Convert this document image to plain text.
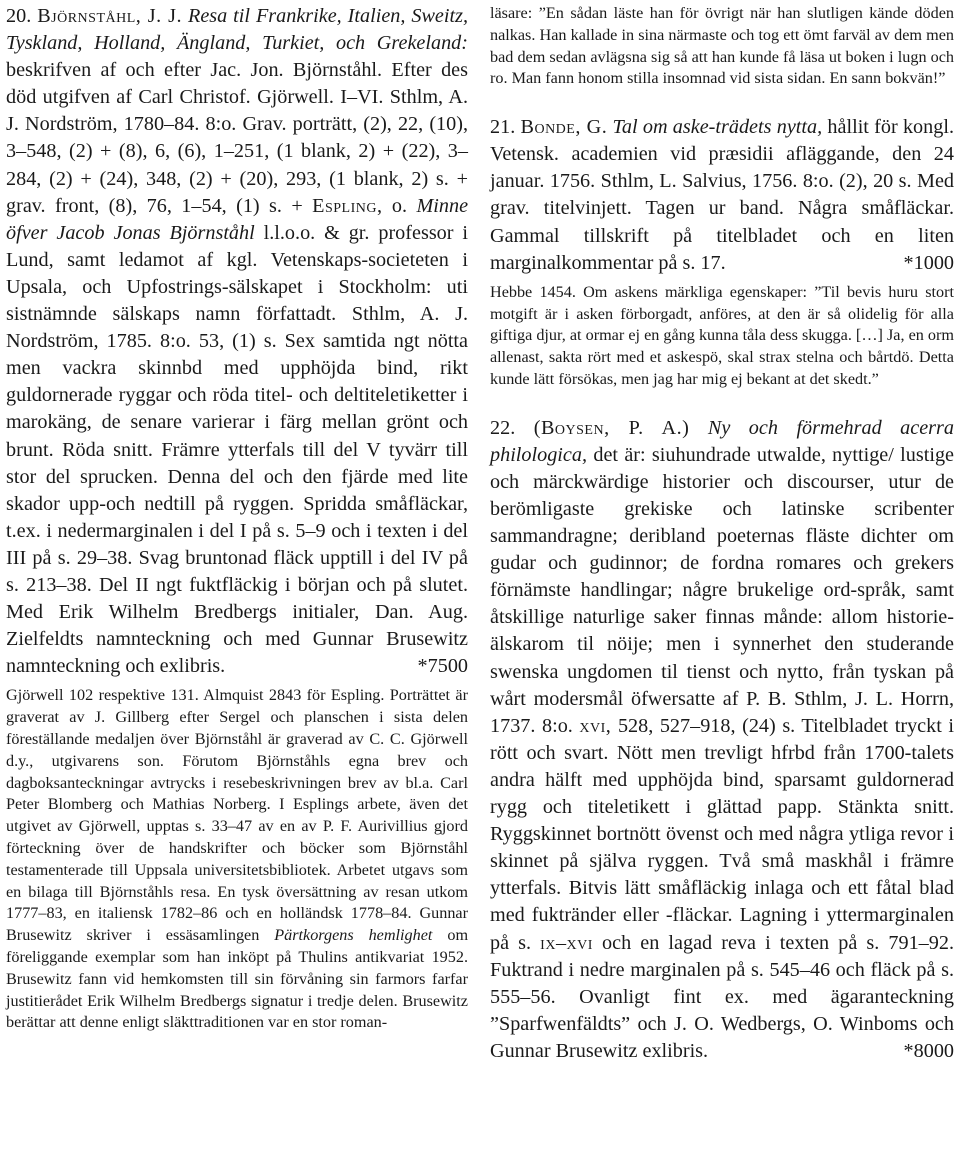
20. Björnståhl, J. J. Resa til Frankrike, Italien, Sweitz, Tyskland, Holland, Ängland, Turkiet, och Grekeland: beskrifven af och efter Jac. Jon. Björnståhl. Efter des död utgifven af Carl Christof. Gjörwell. I–VI. Sthlm, A. J. Nordström, 1780–84. 8:o. Grav. porträtt, (2), 22, (10), 3–548, (2) + (8), 6, (6), 1–251, (1 blank, 2) + (22), 3–284, (2) + (24), 348, (2) + (20), 293, (1 blank, 2) s. + grav. front, (8), 76, 1–54, (1) s. + Espling, o. Minne öfver Jacob Jonas Björnståhl l.l.o.o. & gr. professor i Lund, samt ledamot af kgl. Vetenskaps-societeten i Upsala, och Upfostrings-sälskapet i Stockholm: uti sistnämnde sälskaps namn författadt. Sthlm, A. J. Nordström, 1785. 8:o. 53, (1) s. Sex samtida ngt nötta men vackra skinnbd med upphöjda bind, rikt guldornerade ryggar och röda titel- och deltiteletiketter i marokäng, de senare varierar i färg mellan grönt och brunt. Röda snitt. Främre ytterfals till del V tyvärr till stor del sprucken. Denna del och den fjärde med lite skador upp-och nedtill på ryggen. Spridda småfläckar, t.ex. i nedermarginalen i del I på s. 5–9 och i texten i del III på s. 29–38. Svag bruntonad fläck upptill i del IV på s. 213–38. Del II ngt fuktfläckig i början och på slutet. Med Erik Wilhelm Bredbergs initialer, Dan. Aug. Zielfeldts namnteckning och med Gunnar Brusewitz namnteckning och exlibris.	*7500

Gjörwell 102 respektive 131. Almquist 2843 för Espling. Porträttet är graverat av J. Gillberg efter Sergel och planschen i sista delen föreställande medaljen över Björnståhl är graverad av C. C. Gjörwell d.y., utgivarens son. Förutom Björnståhls egna brev och dagboksanteckningar avtrycks i resebeskrivningen brev av bl.a. Carl Peter Blomberg och Mathias Norberg. I Esplings arbete, även det utgivet av Gjörwell, upptas s. 33–47 av en av P. F. Aurivillius gjord förteckning över de handskrifter och böcker som Björnståhl testamenterade till Uppsala universitetsbibliotek. Arbetet utgavs som en bilaga till Björnståhls resa. En tysk översättning av resan utkom 1777–83, en italiensk 1782–86 och en holländsk 1778–84. Gunnar Brusewitz skriver i essäsamlingen Pärtkorgens hemlighet om föreliggande exemplar som han inköpt på Thulins antikvariat 1952. Brusewitz fann vid hemkomsten till sin förvåning sin farmors farfar justitierådet Erik Wilhelm Bredbergs signatur i tredje delen. Brusewitz berättar att denne enligt släkttraditionen var en stor roman-

läsare: ”En sådan läste han för övrigt när han slutligen kände döden nalkas. Han kallade in sina närmaste och tog ett ömt farväl av dem men bad dem sedan avlägsna sig så att han kunde få läsa ut boken i lugn och ro. Man fann honom stilla insomnad vid sista sidan. En sann bokvän!”

21. Bonde, G. Tal om aske-trädets nytta, hållit för kongl. Vetensk. academien vid præsidii afläggande, den 24 januar. 1756. Sthlm, L. Salvius, 1756. 8:o. (2), 20 s. Med grav. titelvinjett. Tagen ur band. Några småfläckar. Gammal tillskrift på titelbladet och en liten marginalkommentar på s. 17.	*1000

Hebbe 1454. Om askens märkliga egenskaper: ”Til bevis huru stort motgift är i asken förborgadt, anföres, at den är så olidelig för alla giftiga djur, at ormar ej en gång kunna tåla dess skugga. […] Ja, en orm allenast, sakta rört med et askespö, skal strax stelna och bårtdö. Detta kunde lätt försökas, men jag har mig ej bekant at det skedt.”

22. (Boysen, P. A.) Ny och förmehrad acerra philologica, det är: siuhundrade utwalde, nyttige/ lustige och märckwärdige historier och discourser, utur de berömligaste grekiske och latinske scribenter sammandragne; deribland poeternas fläste dichter om gudar och gudinnor; de fordna romares och grekers förnämste handlingar; någre brukelige ord-språk, samt åtskillige naturlige saker finnas månde: allom historie-älskarom til nöije; men i synnerhet den studerande swenska ungdomen til tienst och nytto, från tyskan på wårt modersmål öfwersatte af P. B. Sthlm, J. L. Horrn, 1737. 8:o. xvi, 528, 527–918, (24) s. Titelbladet tryckt i rött och svart. Nött men trevligt hfrbd från 1700-talets andra hälft med upphöjda bind, sparsamt guldornerad rygg och titeletikett i glättad papp. Stänkta snitt. Ryggskinnet bortnött övenst och med några ytliga revor i skinnet på själva ryggen. Två små maskhål i främre ytterfals. Bitvis lätt småfläckig inlaga och ett fåtal blad med fuktränder eller -fläckar. Lagning i yttermarginalen på s. ix–xvi och en lagad reva i texten på s. 791–92. Fuktrand i nedre marginalen på s. 545–46 och fläck på s. 555–56. Ovanligt fint ex. med ägaranteckning ”Sparfwenfäldts” och J. O. Wedbergs, O. Winboms och Gunnar Brusewitz exlibris.	*8000
